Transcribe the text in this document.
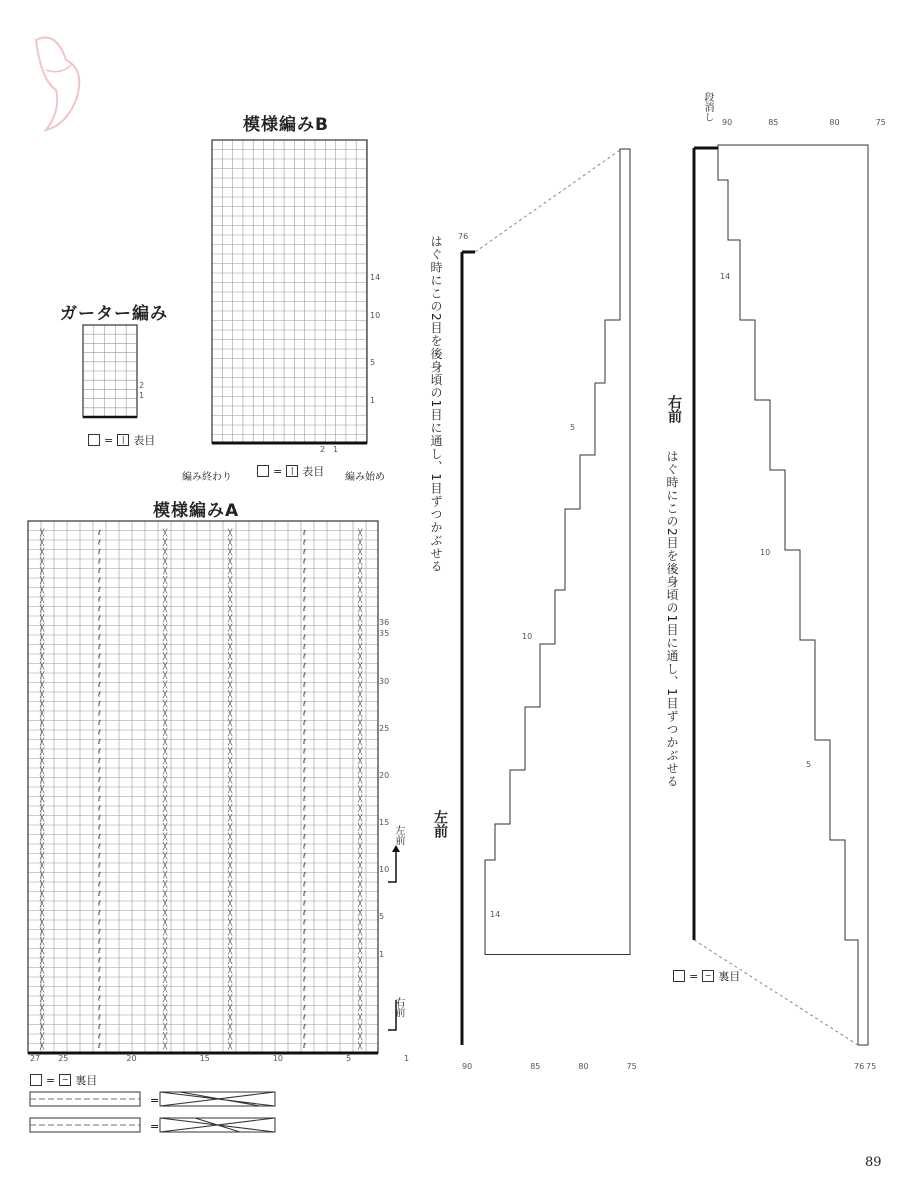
模様編みB
14
10
5
1
2 1
編み終わり	編み始め
=	| 表目
ガーター編み
2
1
=	| 表目
模様編みA
╳
╳
╳
╳
╳
╳
╳
╳
╳
╳
╳
╳
╳
╳
╳
╳
╳
╳
╳
╳
╳
╳
╳
╳
╳
╳
╳
╳
╳
╳
╳
╳
╳
╳
╳
╳
╳
╳
╳
╳
╳
╳
╳
╳
╳
╳
╳
╳
╳
╳
╳
╳
╳
╳
╳
ℓ
ℓ
ℓ
ℓ
ℓ
ℓ
ℓ
ℓ
ℓ
ℓ
ℓ
ℓ
ℓ
ℓ
ℓ
ℓ
ℓ
ℓ
ℓ
ℓ
ℓ
ℓ
ℓ
ℓ
ℓ
ℓ
ℓ
ℓ
ℓ
ℓ
ℓ
ℓ
ℓ
ℓ
ℓ
ℓ
ℓ
ℓ
ℓ
ℓ
ℓ
ℓ
ℓ
ℓ
ℓ
ℓ
ℓ
ℓ
ℓ
ℓ
ℓ
ℓ
ℓ
ℓ
ℓ
╳
╳
╳
╳
╳
╳
╳
╳
╳
╳
╳
╳
╳
╳
╳
╳
╳
╳
╳
╳
╳
╳
╳
╳
╳
╳
╳
╳
╳
╳
╳
╳
╳
╳
╳
╳
╳
╳
╳
╳
╳
╳
╳
╳
╳
╳
╳
╳
╳
╳
╳
╳
╳
╳
╳
╳
╳
╳
╳
╳
╳
╳
╳
╳
╳
╳
╳
╳
╳
╳
╳
╳
╳
╳
╳
╳
╳
╳
╳
╳
╳
╳
╳
╳
╳
╳
╳
╳
╳
╳
╳
╳
╳
╳
╳
╳
╳
╳
╳
╳
╳
╳
╳
╳
╳
╳
╳
╳
╳
╳
ℓ
ℓ
ℓ
ℓ
ℓ
ℓ
ℓ
ℓ
ℓ
ℓ
ℓ
ℓ
ℓ
ℓ
ℓ
ℓ
ℓ
ℓ
ℓ
ℓ
ℓ
ℓ
ℓ
ℓ
ℓ
ℓ
ℓ
ℓ
ℓ
ℓ
ℓ
ℓ
ℓ
ℓ
ℓ
ℓ
ℓ
ℓ
ℓ
ℓ
ℓ
ℓ
ℓ
ℓ
ℓ
ℓ
ℓ
ℓ
ℓ
ℓ
ℓ
ℓ
ℓ
ℓ
ℓ
╳
╳
╳
╳
╳
╳
╳
╳
╳
╳
╳
╳
╳
╳
╳
╳
╳
╳
╳
╳
╳
╳
╳
╳
╳
╳
╳
╳
╳
╳
╳
╳
╳
╳
╳
╳
╳
╳
╳
╳
╳
╳
╳
╳
╳
╳
╳
╳
╳
╳
╳
╳
╳
╳
╳
36
35
30
25
20
15
10
5
1
左前
右前
27 25	20	15	10	5	1
= − 裏目
=
=
はぐ時にこの2目を後身頃の1目に通し、1目ずつかぶせる
左前
76
14
10
5
90	85	80	75
段消し
右前
はぐ時にこの2目を後身頃の1目に通し、1目ずつかぶせる
90	85	80	75
14
10
5
76 75
= − 裏目
89
